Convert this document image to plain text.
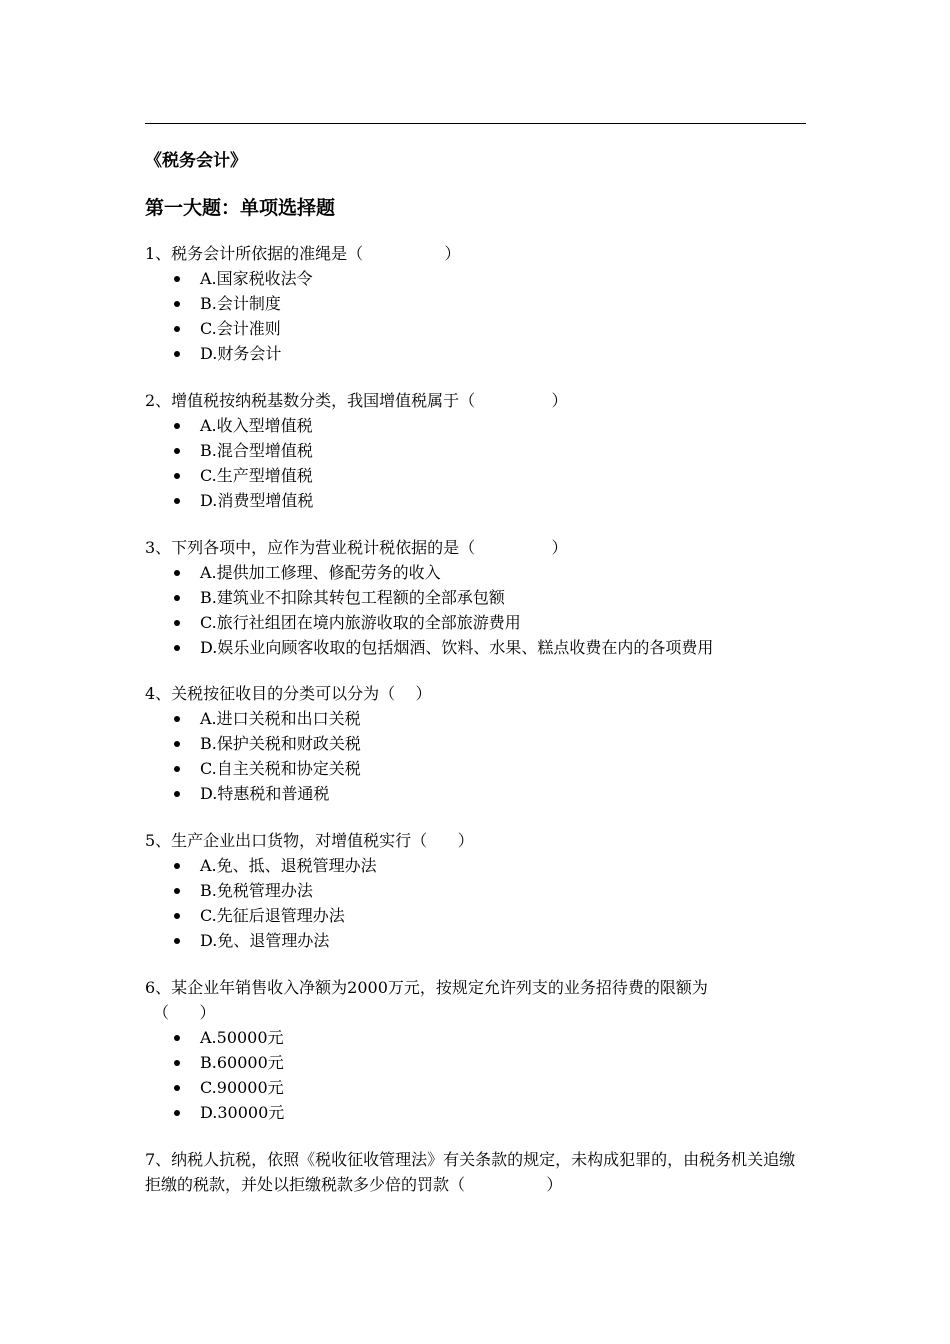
《税务会计》
第一大题：单项选择题
1、税务会计所依据的准绳是（                ）
A.国家税收法令
B.会计制度
C.会计准则
D.财务会计
2、增值税按纳税基数分类，我国增值税属于（               ）
A.收入型增值税
B.混合型增值税
C.生产型增值税
D.消费型增值税
3、下列各项中，应作为营业税计税依据的是（               ）
A.提供加工修理、修配劳务的收入
B.建筑业不扣除其转包工程额的全部承包额
C.旅行社组团在境内旅游收取的全部旅游费用
D.娱乐业向顾客收取的包括烟酒、饮料、水果、糕点收费在内的各项费用
4、关税按征收目的分类可以分为（    ）
A.进口关税和出口关税
B.保护关税和财政关税
C.自主关税和协定关税
D.特惠税和普通税
5、生产企业出口货物，对增值税实行（      ）
A.免、抵、退税管理办法
B.免税管理办法
C.先征后退管理办法
D.免、退管理办法
6、某企业年销售收入净额为2000万元，按规定允许列支的业务招待费的限额为
（      ）
A.50000元
B.60000元
C.90000元
D.30000元
7、纳税人抗税，依照《税收征收管理法》有关条款的规定，未构成犯罪的，由税务机关追缴拒缴的税款，并处以拒缴税款多少倍的罚款（                ）
